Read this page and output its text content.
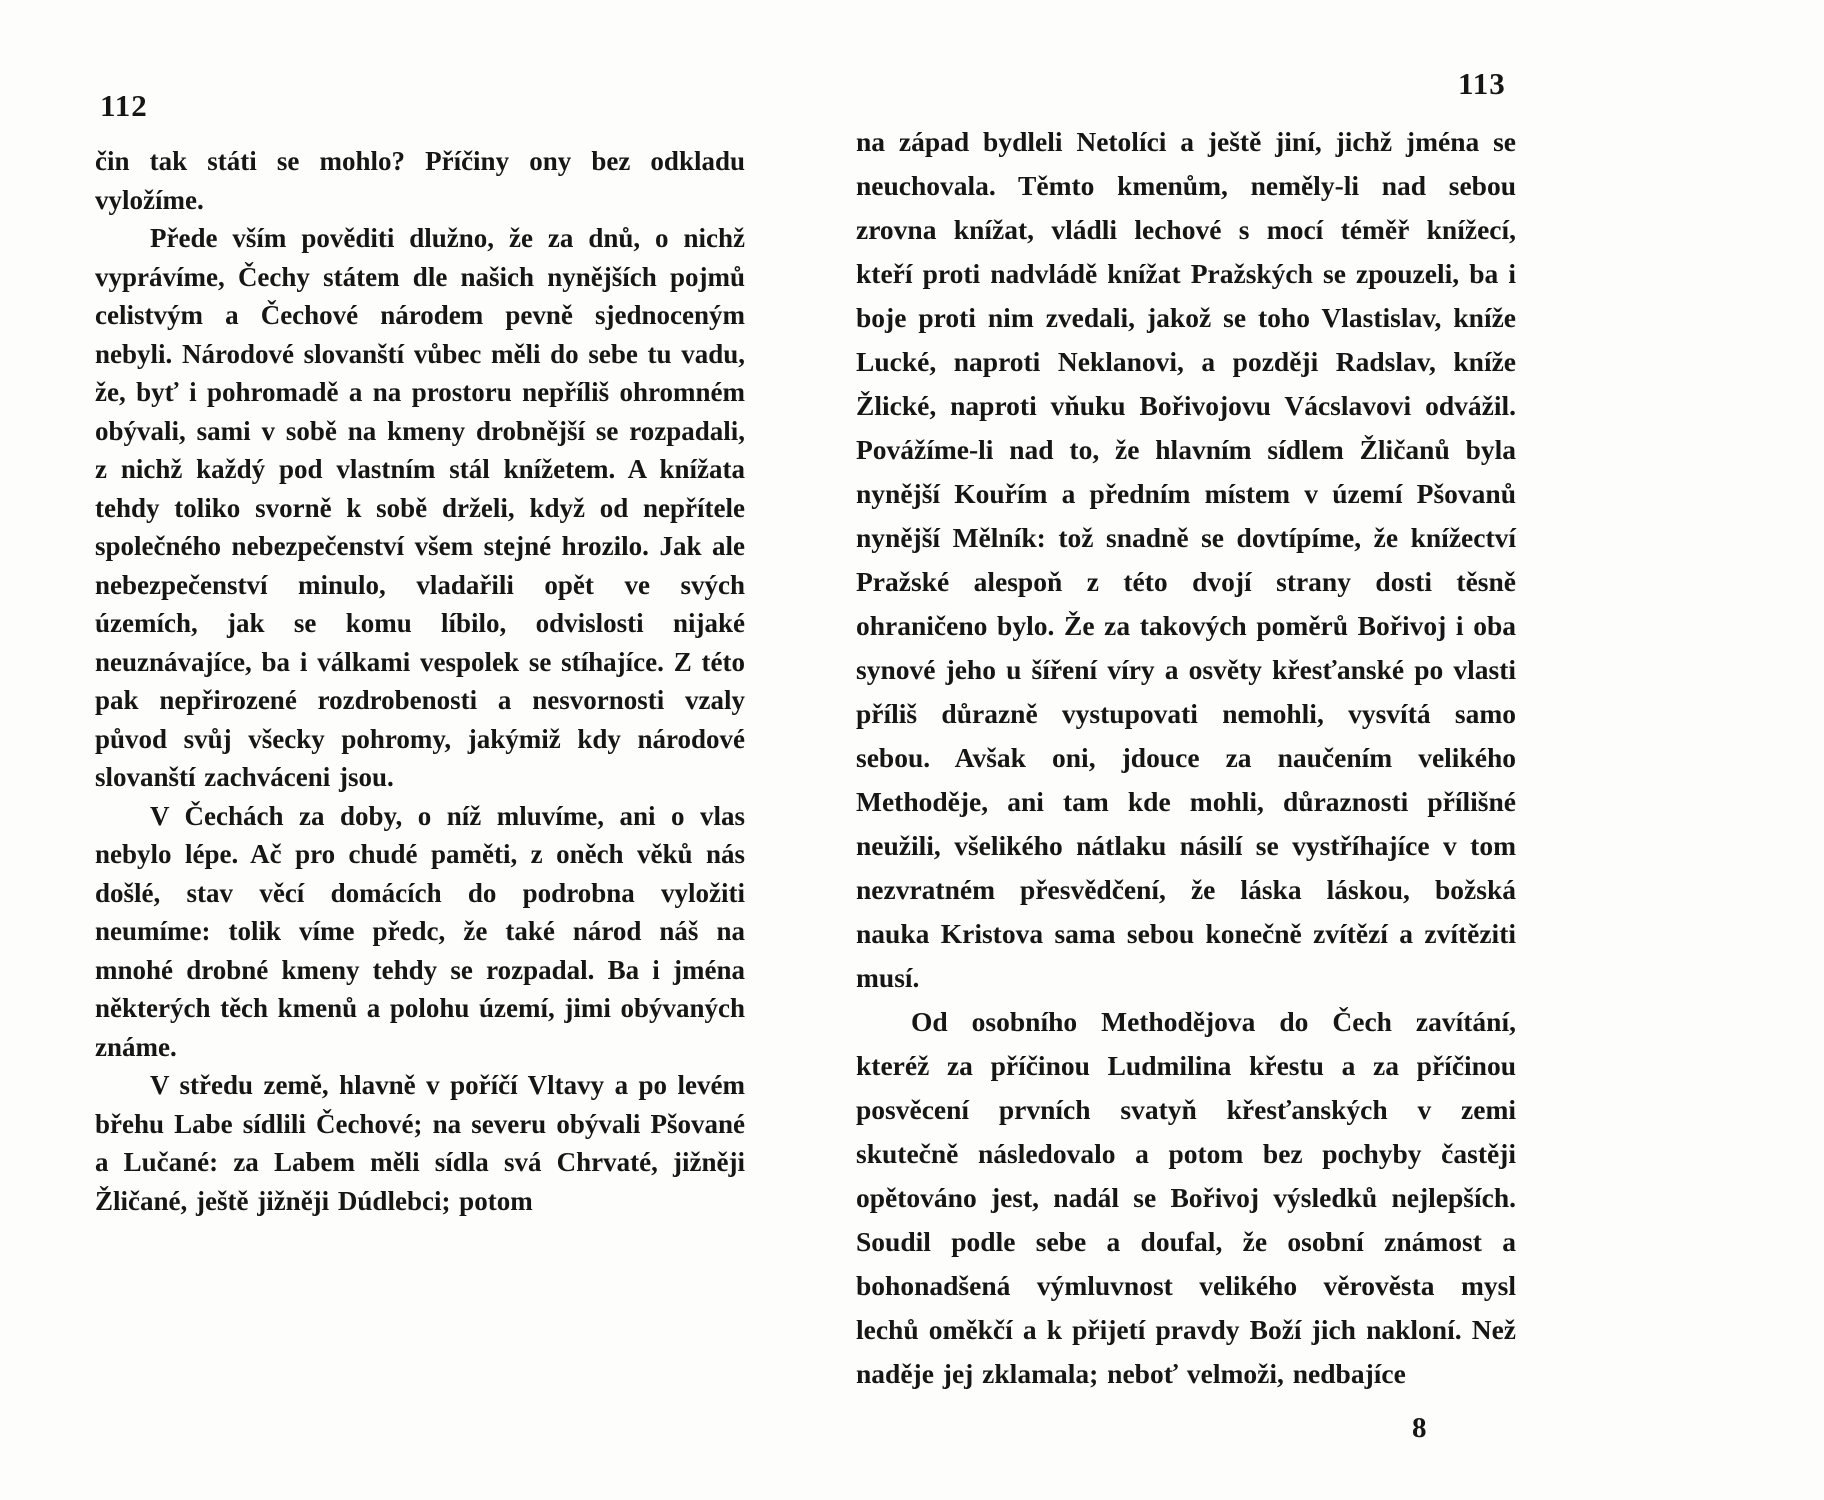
112

čin tak státi se mohlo? Příčiny ony bez odkladu vyložíme.

Přede vším pověditi dlužno, že za dnů, o nichž vyprávíme, Čechy státem dle našich nynějších pojmů celistvým a Čechové národem pevně sjednoceným nebyli. Národové slovanští vůbec měli do sebe tu vadu, že, byť i pohromadě a na prostoru nepříliš ohromném obývali, sami v sobě na kmeny drobnější se rozpadali, z nichž každý pod vlastním stál knížetem. A knížata tehdy toliko svorně k sobě drželi, když od nepřítele společného nebezpečenství všem stejné hrozilo. Jak ale nebezpečenství minulo, vladařili opět ve svých územích, jak se komu líbilo, odvislosti nijaké neuznávajíce, ba i válkami vespolek se stíhajíce. Z této pak nepřirozené rozdrobenosti a nesvornosti vzaly původ svůj všecky pohromy, jakýmiž kdy národové slovanští zachváceni jsou.

V Čechách za doby, o níž mluvíme, ani o vlas nebylo lépe. Ač pro chudé paměti, z oněch věků nás došlé, stav věcí domácích do podrobna vyložiti neumíme: tolik víme předc, že také národ náš na mnohé drobné kmeny tehdy se rozpadal. Ba i jména některých těch kmenů a polohu území, jimi obývaných známe.

V středu země, hlavně v poříčí Vltavy a po levém břehu Labe sídlili Čechové; na severu obývali Pšované a Lučané: za Labem měli sídla svá Chrvaté, jižněji Žličané, ještě jižněji Dúdlebci; potom

113

na západ bydleli Netolíci a ještě jiní, jichž jména se neuchovala. Těmto kmenům, neměly-li nad sebou zrovna knížat, vládli lechové s mocí téměř knížecí, kteří proti nadvládě knížat Pražských se zpouzeli, ba i boje proti nim zvedali, jakož se toho Vlastislav, kníže Lucké, naproti Neklanovi, a později Radslav, kníže Žlické, naproti vňuku Bořivojovu Vácslavovi odvážil. Povážíme-li nad to, že hlavním sídlem Žličanů byla nynější Kouřím a předním místem v území Pšovanů nynější Mělník: tož snadně se dovtípíme, že knížectví Pražské alespoň z této dvojí strany dosti těsně ohraničeno bylo. Že za takových poměrů Bořivoj i oba synové jeho u šíření víry a osvěty křesťanské po vlasti příliš důrazně vystupovati nemohli, vysvítá samo sebou. Avšak oni, jdouce za naučením velikého Methoděje, ani tam kde mohli, důraznosti přílišné neužili, všelikého nátlaku násilí se vystříhajíce v tom nezvratném přesvědčení, že láska láskou, božská nauka Kristova sama sebou konečně zvítězí a zvítěziti musí.

Od osobního Methodějova do Čech zavítání, kteréž za příčinou Ludmilina křestu a za příčinou posvěcení prvních svatyň křesťanských v zemi skutečně následovalo a potom bez pochyby častěji opětováno jest, nadál se Bořivoj výsledků nejlepších. Soudil podle sebe a doufal, že osobní známost a bohonadšená výmluvnost velikého věrověsta mysl lechů oměkčí a k přijetí pravdy Boží jich nakloní. Než naděje jej zklamala; neboť velmoži, nedbajíce

8
